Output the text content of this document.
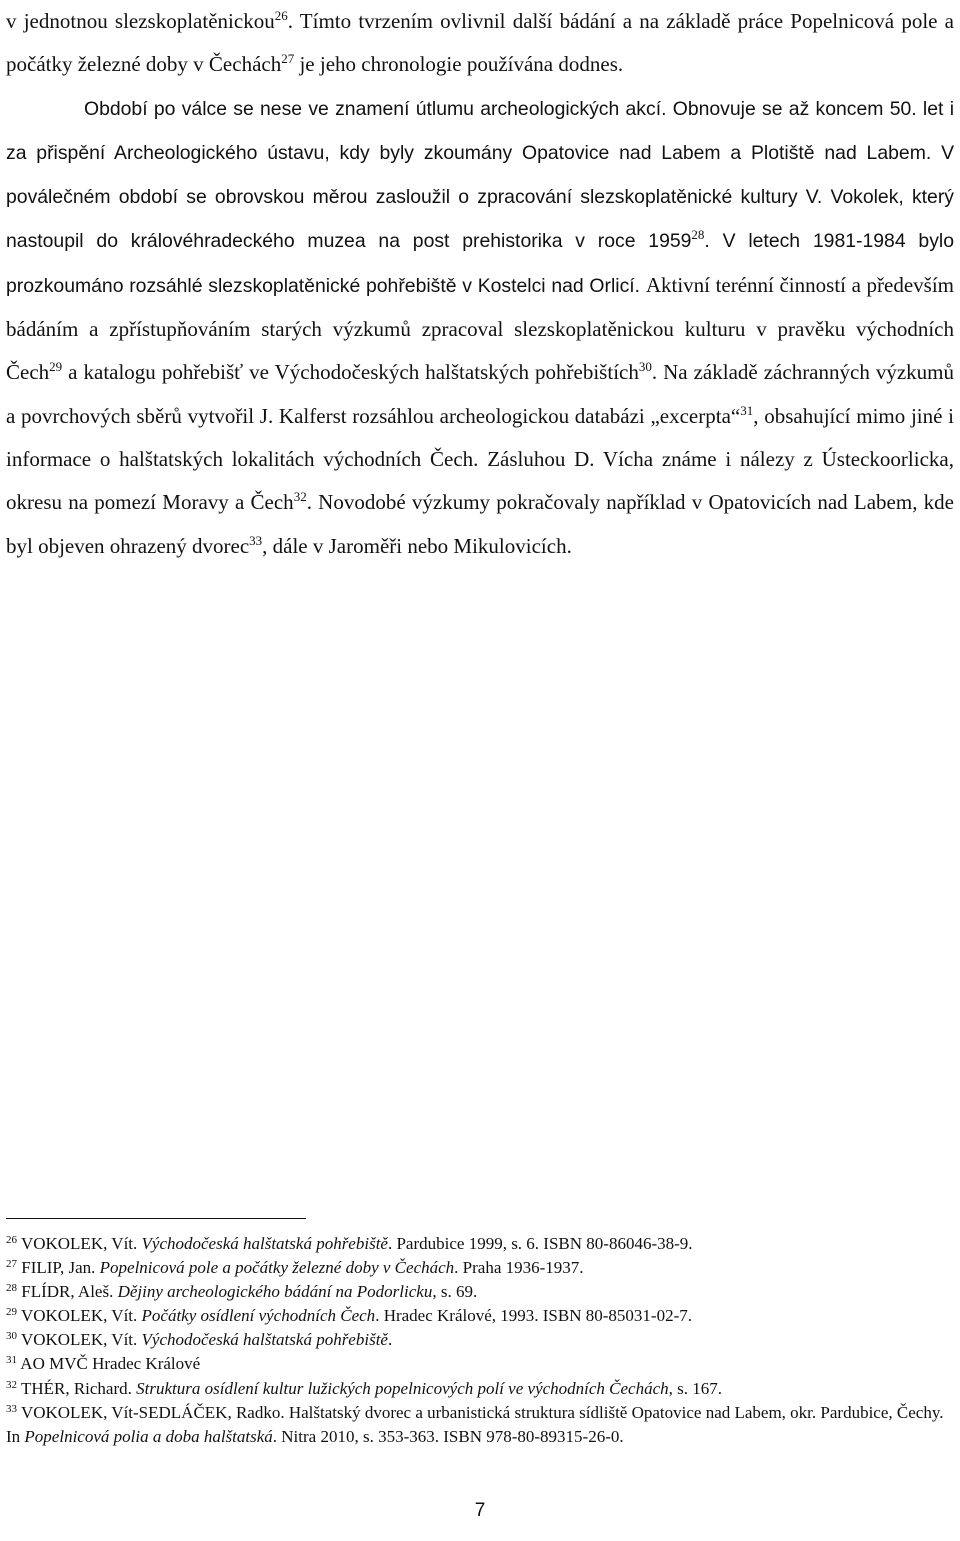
v jednotnou slezskoplatěnickou$^{26}$. Tímto tvrzením ovlivnil další bádání a na základě práce Popelnicová pole a počátky železné doby v Čechách$^{27}$ je jeho chronologie používána dodnes.

Období po válce se nese ve znamení útlumu archeologických akcí. Obnovuje se až koncem 50. let i za přispění Archeologického ústavu, kdy byly zkoumány Opatovice nad Labem a Plotiště nad Labem. V poválečném období se obrovskou měrou zasloužil o zpracování slezskoplatěnické kultury V. Vokolek, který nastoupil do královéhradeckého muzea na post prehistorika v roce 1959$^{28}$. V letech 1981-1984 bylo prozkoumáno rozsáhlé slezskoplatěnické pohřebiště v Kostelci nad Orlicí. Aktivní terénní činností a především bádáním a zpřístupňováním starých výzkumů zpracoval slezskoplatěnickou kulturu v pravěku východních Čech$^{29}$ a katalogu pohřebišť ve Východočeských halštatských pohřebištích$^{30}$. Na základě záchranných výzkumů a povrchových sběrů vytvořil J. Kalferst rozsáhlou archeologickou databázi „excerpta“$^{31}$, obsahující mimo jiné i informace o halštatských lokalitách východních Čech. Zásluhou D. Vícha známe i nálezy z Ústeckoorlicka, okresu na pomezí Moravy a Čech$^{32}$. Novodobé výzkumy pokračovaly například v Opatovicích nad Labem, kde byl objeven ohrazený dvorec$^{33}$, dále v Jaroměři nebo Mikulovicích.

$^{26}$ VOKOLEK, Vít. Východočeská halštatská pohřebiště. Pardubice 1999, s. 6. ISBN 80-86046-38-9.

$^{27}$ FILIP, Jan. Popelnicová pole a počátky železné doby v Čechách. Praha 1936-1937.

$^{28}$ FLÍDR, Aleš. Dějiny archeologického bádání na Podorlicku, s. 69.

$^{29}$ VOKOLEK, Vít. Počátky osídlení východních Čech. Hradec Králové, 1993. ISBN 80-85031-02-7.

$^{30}$ VOKOLEK, Vít. Východočeská halštatská pohřebiště.

$^{31}$ AO MVČ Hradec Králové

$^{32}$ THÉR, Richard. Struktura osídlení kultur lužických popelnicových polí ve východních Čechách, s. 167.

$^{33}$ VOKOLEK, Vít-SEDLÁČEK, Radko. Halštatský dvorec a urbanistická struktura sídliště Opatovice nad Labem, okr. Pardubice, Čechy. In Popelnicová polia a doba halštatská. Nitra 2010, s. 353-363. ISBN 978-80-89315-26-0.

7
